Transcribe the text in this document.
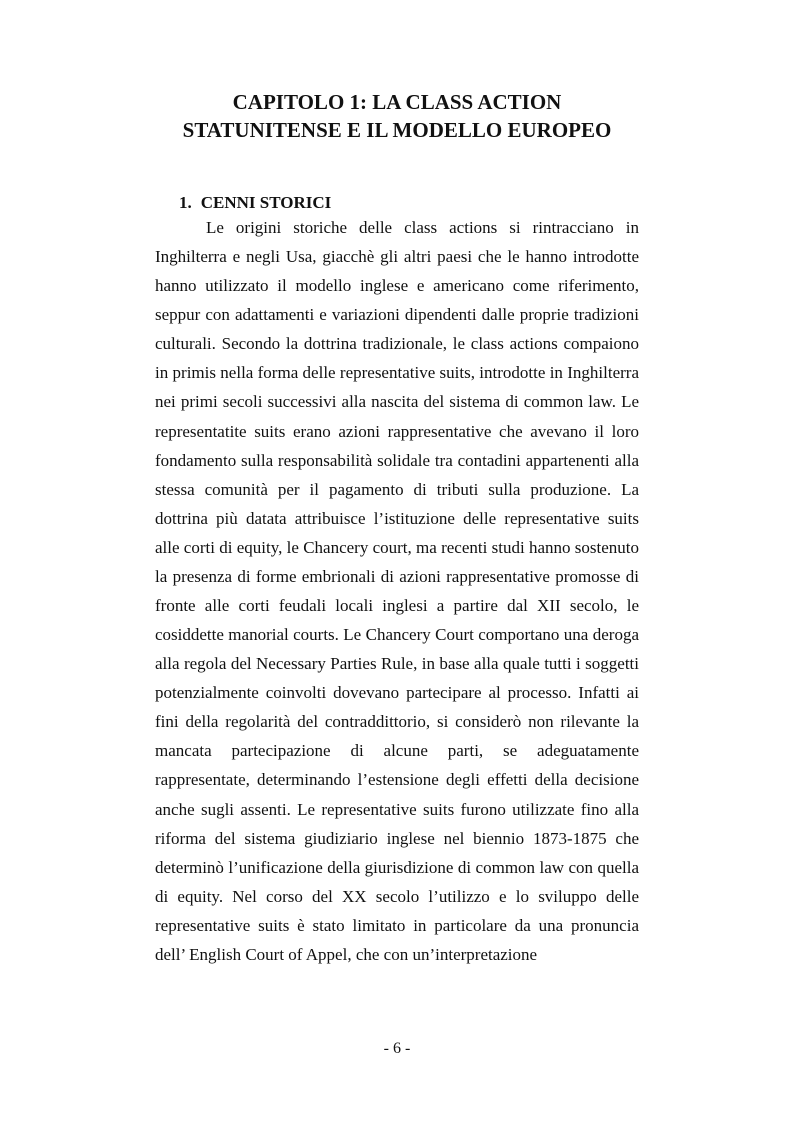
CAPITOLO 1: LA CLASS ACTION
STATUNITENSE E IL MODELLO EUROPEO
1. CENNI STORICI

Le origini storiche delle class actions si rintracciano in Inghilterra e negli Usa, giacchè gli altri paesi che le hanno introdotte hanno utilizzato il modello inglese e americano come riferimento, seppur con adattamenti e variazioni dipendenti dalle proprie tradizioni culturali. Secondo la dottrina tradizionale, le class actions compaiono in primis nella forma delle representative suits, introdotte in Inghilterra nei primi secoli successivi alla nascita del sistema di common law. Le representatite suits erano azioni rappresentative che avevano il loro fondamento sulla responsabilità solidale tra contadini appartenenti alla stessa comunità per il pagamento di tributi sulla produzione. La dottrina più datata attribuisce l’istituzione delle representative suits alle corti di equity, le Chancery court, ma recenti studi hanno sostenuto la presenza di forme embrionali di azioni rappresentative promosse di fronte alle corti feudali locali inglesi a partire dal XII secolo, le cosiddette manorial courts. Le Chancery Court comportano una deroga alla regola del Necessary Parties Rule, in base alla quale tutti i soggetti potenzialmente coinvolti dovevano partecipare al processo. Infatti ai fini della regolarità del contraddittorio, si considerò non rilevante la mancata partecipazione di alcune parti, se adeguatamente rappresentate, determinando l’estensione degli effetti della decisione anche sugli assenti. Le representative suits furono utilizzate fino alla riforma del sistema giudiziario inglese nel biennio 1873-1875 che determinò l’unificazione della giurisdizione di common law con quella di equity. Nel corso del XX secolo l’utilizzo e lo sviluppo delle representative suits è stato limitato in particolare da una pronuncia dell’ English Court of Appel, che con un’interpretazione

- 6 -
